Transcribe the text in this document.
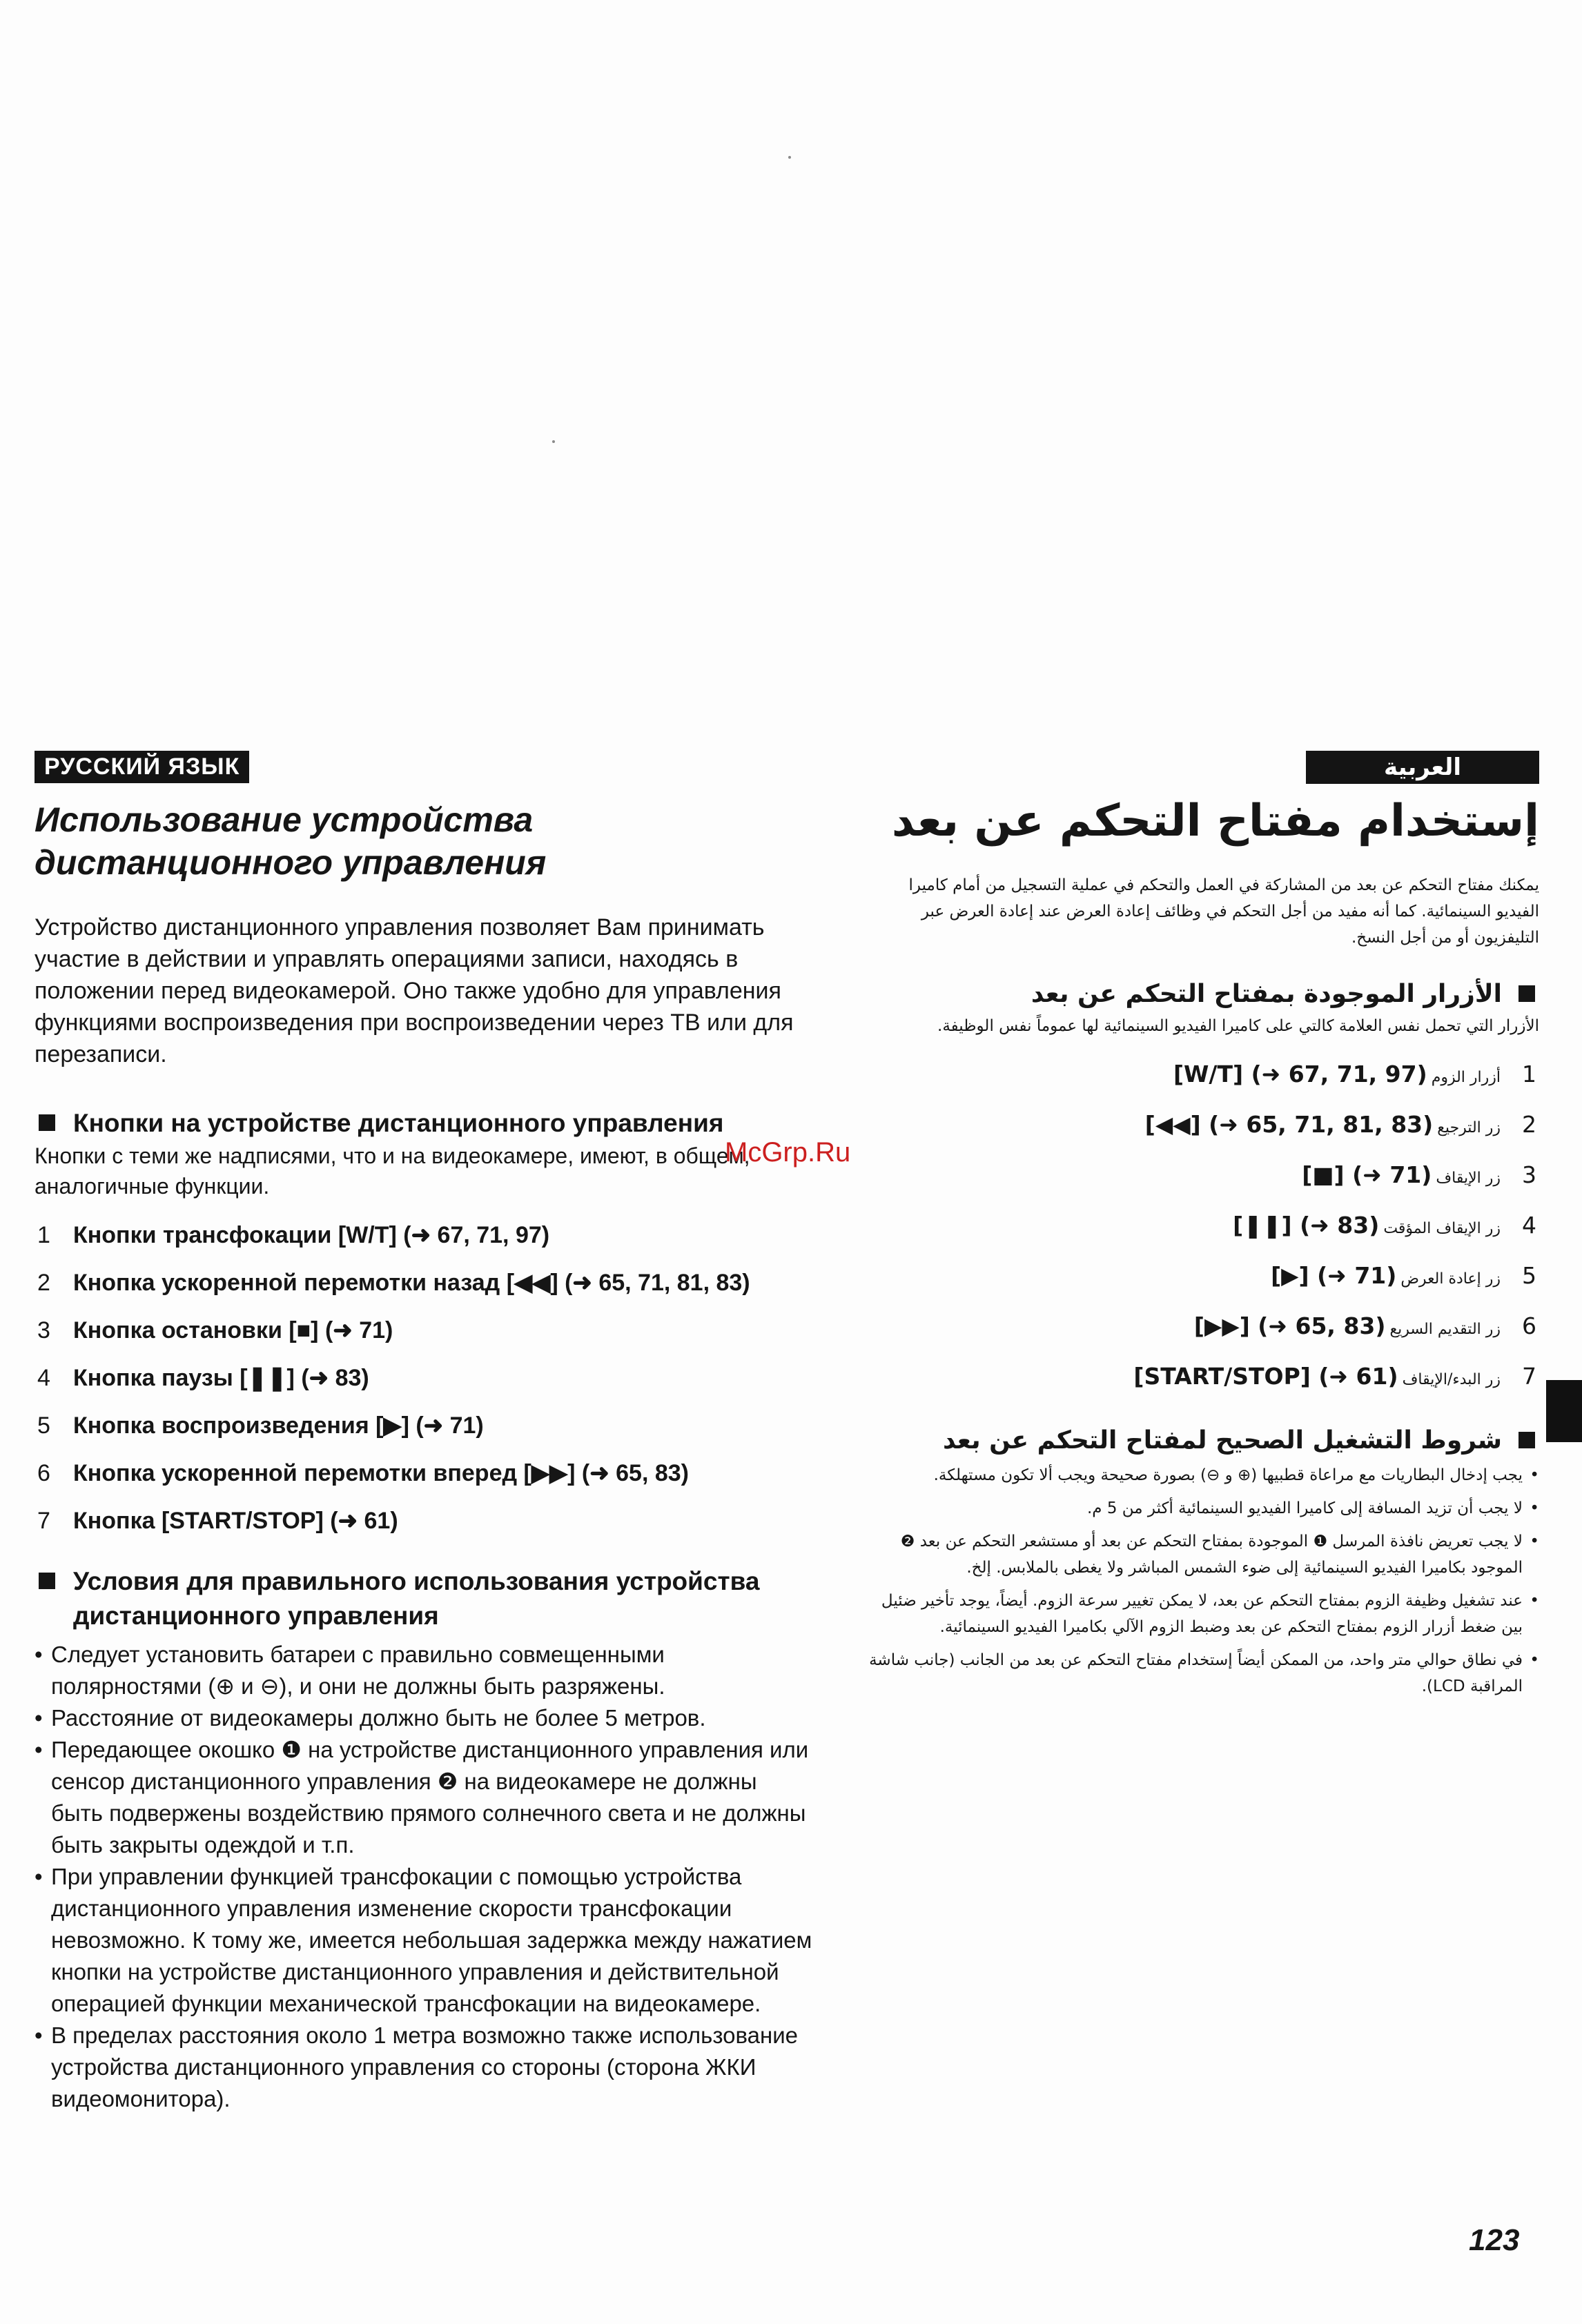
РУССКИЙ ЯЗЫК
Использование устройства дистанционного управления

Устройство дистанционного управления позволяет Вам принимать участие в действии и управлять операциями записи, находясь в положении перед видеокамерой. Оно также удобно для управления функциями воспроизведения при воспроизведении через ТВ или для перезаписи.

Кнопки на устройстве дистанционного управления

Кнопки с теми же надписями, что и на видеокамере, имеют, в общем, аналогичные функции.

1 Кнопки трансфокации [W/T] (➜ 67, 71, 97)
2 Кнопка ускоренной перемотки назад [◀◀] (➜ 65, 71, 81, 83)
3 Кнопка остановки [■] (➜ 71)
4 Кнопка паузы [❚❚] (➜ 83)
5 Кнопка воспроизведения [▶] (➜ 71)
6 Кнопка ускоренной перемотки вперед [▶▶] (➜ 65, 83)
7 Кнопка [START/STOP] (➜ 61)
Условия для правильного использования устройства дистанционного управления
• Следует установить батареи с правильно совмещенными полярностями (⊕ и ⊖), и они не должны быть разряжены.
• Расстояние от видеокамеры должно быть не более 5 метров.
• Передающее окошко ❶ на устройстве дистанционного управления или сенсор дистанционного управления ❷ на видеокамере не должны быть подвержены воздействию прямого солнечного света и не должны быть закрыты одеждой и т.п.
• При управлении функцией трансфокации с помощью устройства дистанционного управления изменение скорости трансфокации невозможно. К тому же, имеется небольшая задержка между нажатием кнопки на устройстве дистанционного управления и действительной операцией функции механической трансфокации на видеокамере.
• В пределах расстояния около 1 метра возможно также использование устройства дистанционного управления со стороны (сторона ЖКИ видеомонитора).
العربية
إستخدام مفتاح التحكم عن بعد

يمكنك مفتاح التحكم عن بعد من المشاركة في العمل والتحكم في عملية التسجيل من أمام كاميرا الفيديو السينمائية. كما أنه مفيد من أجل التحكم في وظائف إعادة العرض عند إعادة العرض عبر التليفزيون أو من أجل النسخ.

الأزرار الموجودة بمفتاح التحكم عن بعد

الأزرار التي تحمل نفس العلامة كالتي على كاميرا الفيديو السينمائية لها عموماً نفس الوظيفة.

1
أزرار الزوم[W/T] (➜ 67, 71, 97)
2
زر الترجيع[◀◀] (➜ 65, 71, 81, 83)
3
زر الإيقاف[■] (➜ 71)
4
زر الإيقاف المؤقت[❚❚] (➜ 83)
5
زر إعادة العرض[▶] (➜ 71)
6
زر التقديم السريع[▶▶] (➜ 65, 83)
7
زر البدء/الإيقاف[START/STOP] (➜ 61)
شروط التشغيل الصحيح لمفتاح التحكم عن بعد
• يجب إدخال البطاريات مع مراعاة قطبيها (⊕ و ⊖) بصورة صحيحة ويجب ألا تكون مستهلكة.
• لا يجب أن تزيد المسافة إلى كاميرا الفيديو السينمائية أكثر من 5 م.
• لا يجب تعريض نافذة المرسل ❶ الموجودة بمفتاح التحكم عن بعد أو مستشعر التحكم عن بعد ❷ الموجود بكاميرا الفيديو السينمائية إلى ضوء الشمس المباشر ولا يغطى بالملابس. إلخ.
• عند تشغيل وظيفة الزوم بمفتاح التحكم عن بعد، لا يمكن تغيير سرعة الزوم. أيضاً، يوجد تأخير ضئيل بين ضغط أزرار الزوم بمفتاح التحكم عن بعد وضبط الزوم الآلي بكاميرا الفيديو السينمائية.
• في نطاق حوالي متر واحد، من الممكن أيضاً إستخدام مفتاح التحكم عن بعد من الجانب (جانب شاشة المراقبة LCD).
McGrp.Ru
123
